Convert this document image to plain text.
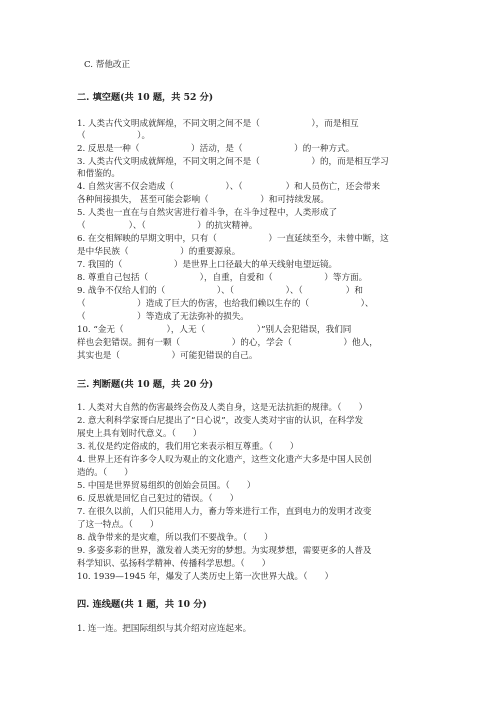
C. 帮他改正
二. 填空题(共 10 题，共 52 分)
1. 人类古代文明成就辉煌，不同文明之间不是（　　　　　　），而是相互
（　　　　　　）。
2. 反思是一种（　　　　　　）活动，是（　　　　　　）的一种方式。
3. 人类古代文明成就辉煌，不同文明之间不是（　　　　　　）的，而是相互学习
和借鉴的。
4. 自然灾害不仅会造成（　　　　　　）、（　　　　　）和人员伤亡，还会带来
各种间接损失， 甚至可能会影响（　　　　　　）和可持续发展。
5. 人类也一直在与自然灾害进行着斗争，在斗争过程中，人类形成了
（　　　　　）、（　　　　　　）的抗灾精神。
6. 在交相辉映的早期文明中，只有（　　　　　　）一直延续至今，未曾中断，这
是中华民族（　　　　　　）的重要源泉。
7. 我国的（　　　　　　）是世界上口径最大的单天线射电望远镜。
8. 尊重自己包括（　　　　　　），自重，自爱和（　　　　　　）等方面。
9. 战争不仅给人们的（　　　　　　）、（　　　　　　）、（　　　　　）和
（　　　　　　）造成了巨大的伤害，也给我们赖以生存的（　　　　　　）、
（　　　　　　）等造成了无法弥补的损失。
10. “金无（　　　　　），人无（　　　　　　）”别人会犯错误，我们同
样也会犯错误。拥有一颗（　　　　　　）的心，学会（　　　　　　）他人，
其实也是（　　　　　　）可能犯错误的自己。
三. 判断题(共 10 题，共 20 分)
1. 人类对大自然的伤害最终会伤及人类自身，这是无法抗拒的规律。（　　）
2. 意大利科学家哥白尼提出了“日心说”，改变人类对宇宙的认识，在科学发
展史上具有划时代意义。（　　）
3. 礼仪是约定俗成的，我们用它来表示相互尊重。（　　）
4. 世界上还有许多令人叹为观止的文化遗产，这些文化遗产大多是中国人民创
造的。（　　）
5. 中国是世界贸易组织的创始会员国。（　　）
6. 反思就是回忆自己犯过的错误。（　　）
7. 在很久以前，人们只能用人力，畜力等来进行工作，直到电力的发明才改变
了这一特点。（　　）
8. 战争带来的是灾难，所以我们不要战争。（　　）
9. 多姿多彩的世界，激发着人类无穷的梦想。为实现梦想，需要更多的人普及
科学知识、弘扬科学精神、传播科学思想。（　　）
10. 1939—1945 年，爆发了人类历史上第一次世界大战。（　　）
四. 连线题(共 1 题，共 10 分)
1. 连一连。把国际组织与其介绍对应连起来。
